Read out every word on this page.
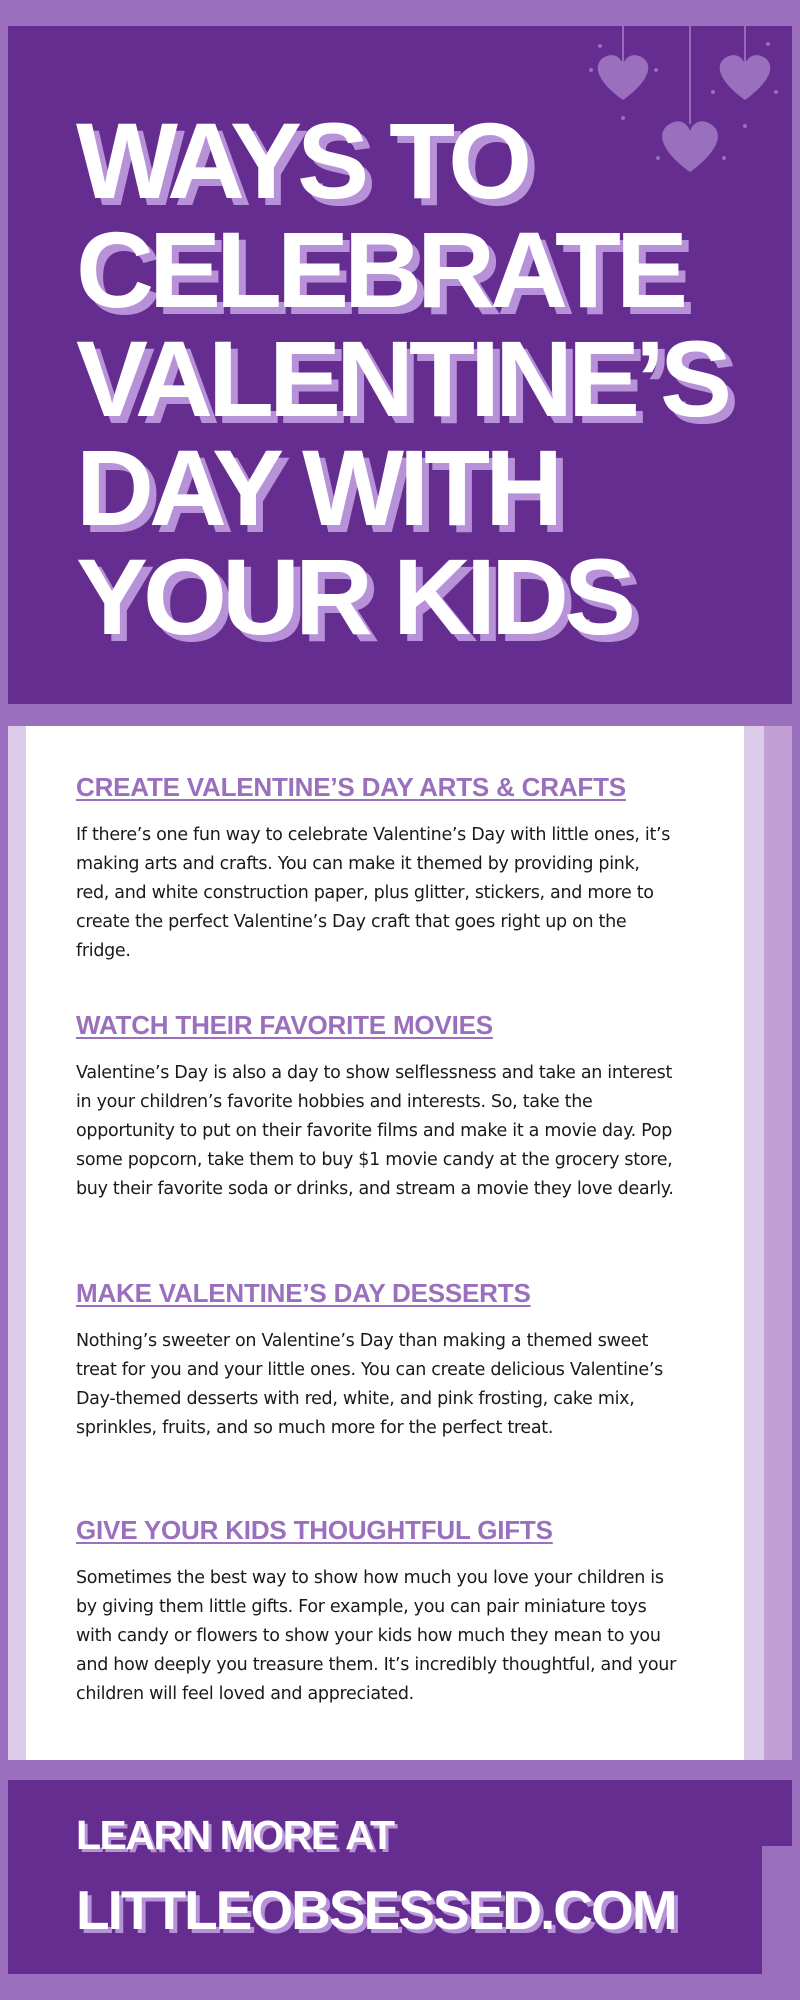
WAYS TO
CELEBRATE
VALENTINE’S
DAY WITH
YOUR KIDS
CREATE VALENTINE’S DAY ARTS & CRAFTS

If there’s one fun way to celebrate Valentine’s Day with little ones, it’s making arts and crafts. You can make it themed by providing pink, red, and white construction paper, plus glitter, stickers, and more to create the perfect Valentine’s Day craft that goes right up on the fridge.

WATCH THEIR FAVORITE MOVIES

Valentine’s Day is also a day to show selflessness and take an interest in your children’s favorite hobbies and interests. So, take the opportunity to put on their favorite films and make it a movie day. Pop some popcorn, take them to buy $1 movie candy at the grocery store, buy their favorite soda or drinks, and stream a movie they love dearly.

MAKE VALENTINE’S DAY DESSERTS

Nothing’s sweeter on Valentine’s Day than making a themed sweet treat for you and your little ones. You can create delicious Valentine’s Day-themed desserts with red, white, and pink frosting, cake mix, sprinkles, fruits, and so much more for the perfect treat.

GIVE YOUR KIDS THOUGHTFUL GIFTS

Sometimes the best way to show how much you love your children is by giving them little gifts. For example, you can pair miniature toys with candy or flowers to show your kids how much they mean to you and how deeply you treasure them. It’s incredibly thoughtful, and your children will feel loved and appreciated.

LEARN MORE AT
LITTLEOBSESSED.COM
